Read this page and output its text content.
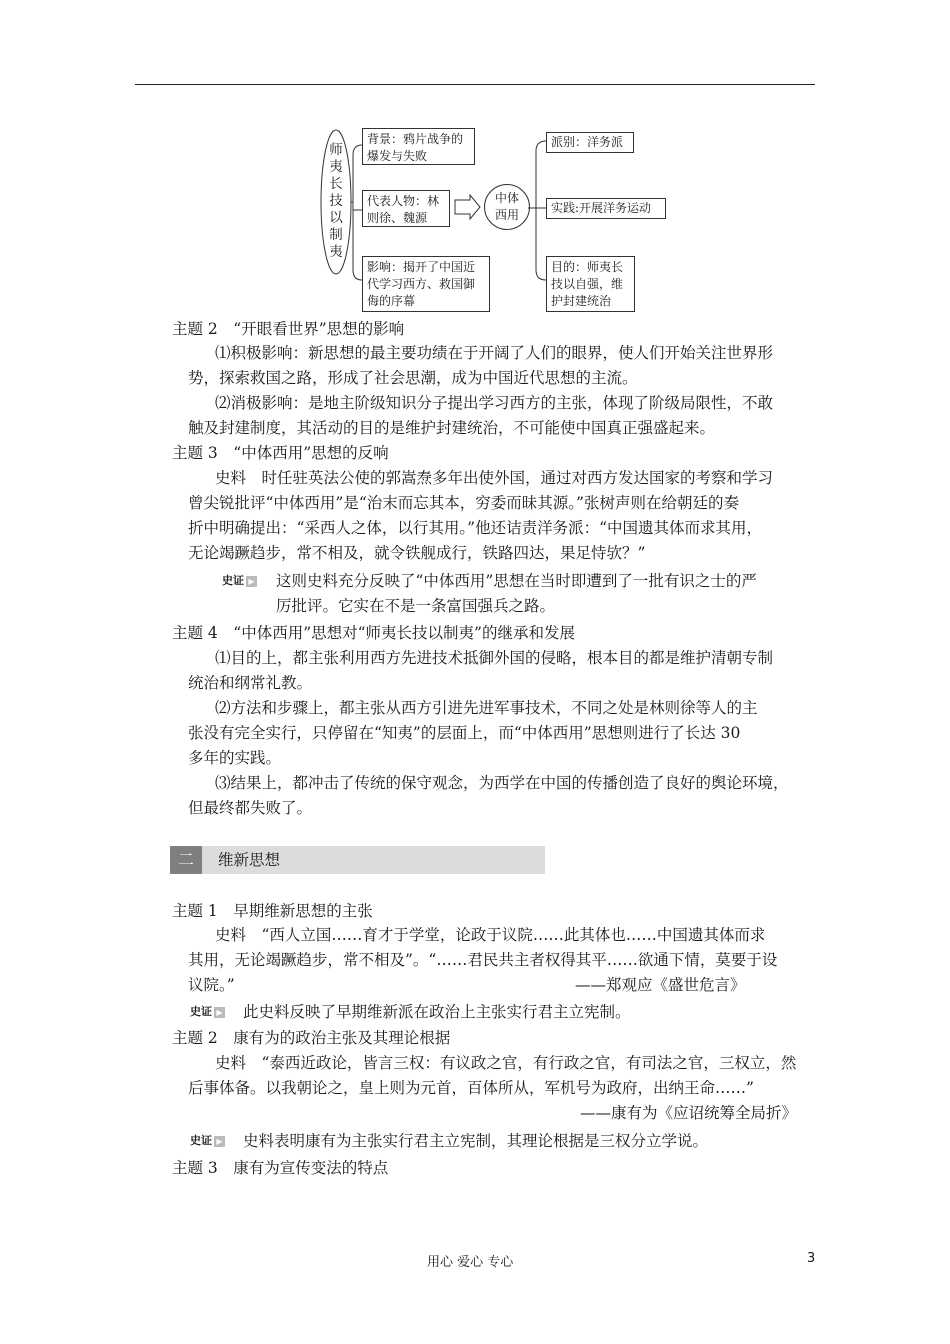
师夷长技以制夷
背景：鸦片战争的
爆发与失败
代表人物：林
则徐、魏源
影响：揭开了中国近
代学习西方、救国御
侮的序幕
中体西用
派别：洋务派
实践:开展洋务运动
目的：师夷长
技以自强，维
护封建统治
主题 2　“开眼看世界”思想的影响
⑴积极影响：新思想的最主要功绩在于开阔了人们的眼界，使人们开始关注世界形
势，探索救国之路，形成了社会思潮，成为中国近代思想的主流。
⑵消极影响：是地主阶级知识分子提出学习西方的主张，体现了阶级局限性，不敢
触及封建制度，其活动的目的是维护封建统治，不可能使中国真正强盛起来。
主题 3　“中体西用”思想的反响
史料　时任驻英法公使的郭嵩焘多年出使外国，通过对西方发达国家的考察和学习
曾尖锐批评“中体西用”是“治末而忘其本，穷委而昧其源。”张树声则在给朝廷的奏
折中明确提出：“采西人之体，以行其用。”他还诘责洋务派：“中国遗其体而求其用，
无论竭蹶趋步，常不相及，就令铁舰成行，铁路四达，果足恃欤？”
史证 ▶ 这则史料充分反映了“中体西用”思想在当时即遭到了一批有识之士的严
厉批评。它实在不是一条富国强兵之路。
主题 4　“中体西用”思想对“师夷长技以制夷”的继承和发展
⑴目的上，都主张利用西方先进技术抵御外国的侵略，根本目的都是维护清朝专制
统治和纲常礼教。
⑵方法和步骤上，都主张从西方引进先进军事技术，不同之处是林则徐等人的主
张没有完全实行，只停留在“知夷”的层面上，而“中体西用”思想则进行了长达 30
多年的实践。
⑶结果上，都冲击了传统的保守观念，为西学在中国的传播创造了良好的舆论环境，
但最终都失败了。
二	维新思想
主题 1　早期维新思想的主张
史料　“西人立国……育才于学堂，论政于议院……此其体也……中国遗其体而求
其用，无论竭蹶趋步，常不相及”。“……君民共主者权得其平……欲通下情，莫要于设
议院。”	——郑观应《盛世危言》
史证 ▶ 此史料反映了早期维新派在政治上主张实行君主立宪制。
主题 2　康有为的政治主张及其理论根据
史料　“泰西近政论，皆言三权：有议政之官，有行政之官，有司法之官，三权立，然
后事体备。以我朝论之，皇上则为元首，百体所从，军机号为政府，出纳王命……”
——康有为《应诏统筹全局折》
史证 ▶ 史料表明康有为主张实行君主立宪制，其理论根据是三权分立学说。
主题 3　康有为宣传变法的特点
用心 爱心 专心	3
